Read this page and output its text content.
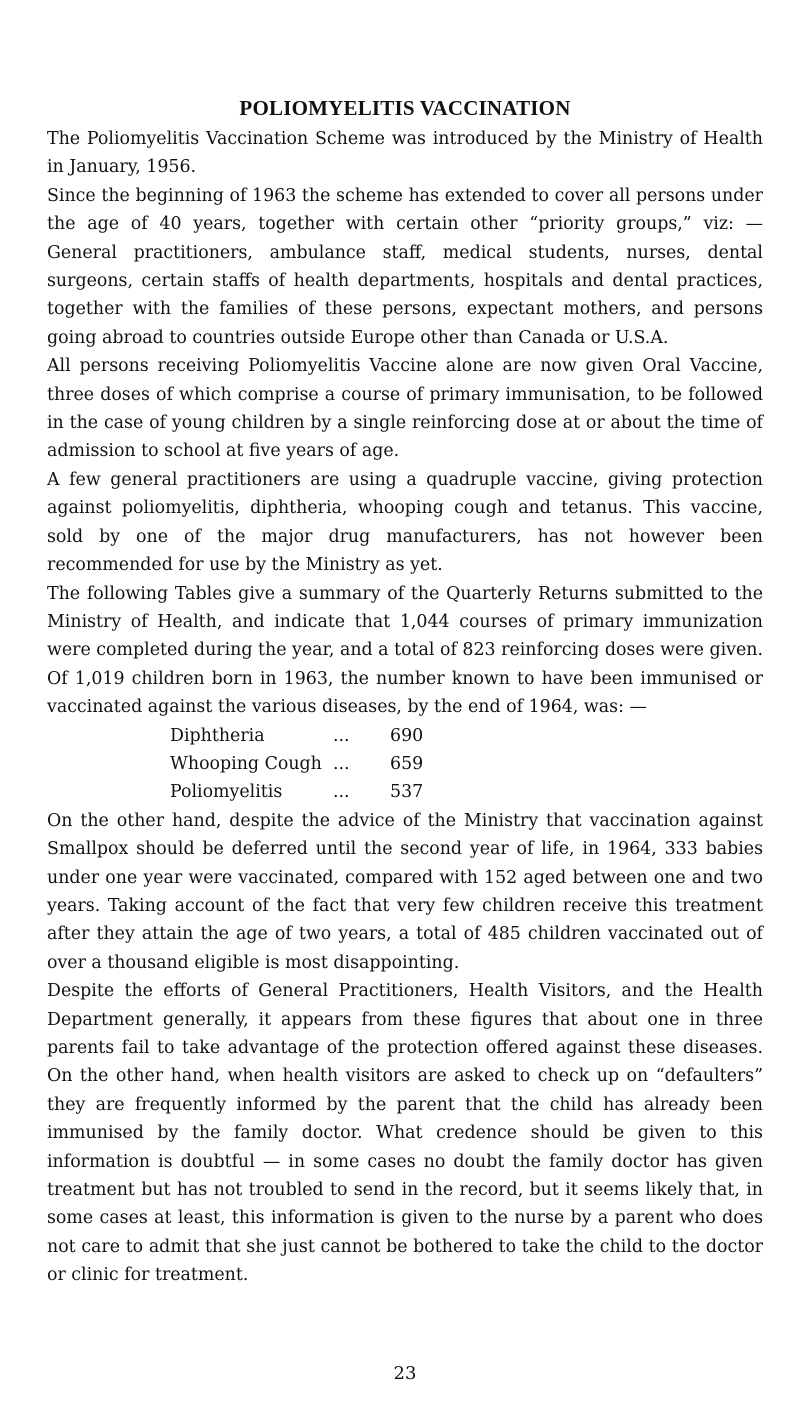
POLIOMYELITIS VACCINATION

The Poliomyelitis Vaccination Scheme was introduced by the Ministry of Health in January, 1956.

Since the beginning of 1963 the scheme has extended to cover all persons under the age of 40 years, together with certain other “priority groups,” viz: — General practitioners, ambulance staff, medical students, nurses, dental surgeons, certain staffs of health departments, hospitals and dental practices, together with the families of these persons, expectant mothers, and persons going abroad to countries outside Europe other than Canada or U.S.A.

All persons receiving Poliomyelitis Vaccine alone are now given Oral Vaccine, three doses of which comprise a course of primary immunisation, to be followed in the case of young children by a single reinforcing dose at or about the time of admission to school at five years of age.

A few general practitioners are using a quadruple vaccine, giving protection against poliomyelitis, diphtheria, whooping cough and tetanus. This vaccine, sold by one of the major drug manufacturers, has not however been recommended for use by the Ministry as yet.

The following Tables give a summary of the Quarterly Returns submitted to the Ministry of Health, and indicate that 1,044 courses of primary immunization were completed during the year, and a total of 823 reinforcing doses were given.

Of 1,019 children born in 1963, the number known to have been immunised or vaccinated against the various diseases, by the end of 1964, was: —

Diphtheria	...	690
Whooping Cough ...	659
Poliomyelitis	...	537

On the other hand, despite the advice of the Ministry that vaccination against Smallpox should be deferred until the second year of life, in 1964, 333 babies under one year were vaccinated, compared with 152 aged between one and two years. Taking account of the fact that very few children receive this treatment after they attain the age of two years, a total of 485 children vaccinated out of over a thousand eligible is most disappointing.

Despite the efforts of General Practitioners, Health Visitors, and the Health Department generally, it appears from these figures that about one in three parents fail to take advantage of the protection offered against these diseases. On the other hand, when health visitors are asked to check up on “defaulters” they are frequently informed by the parent that the child has already been immunised by the family doctor. What credence should be given to this information is doubtful — in some cases no doubt the family doctor has given treatment but has not troubled to send in the record, but it seems likely that, in some cases at least, this information is given to the nurse by a parent who does not care to admit that she just cannot be bothered to take the child to the doctor or clinic for treatment.

23
